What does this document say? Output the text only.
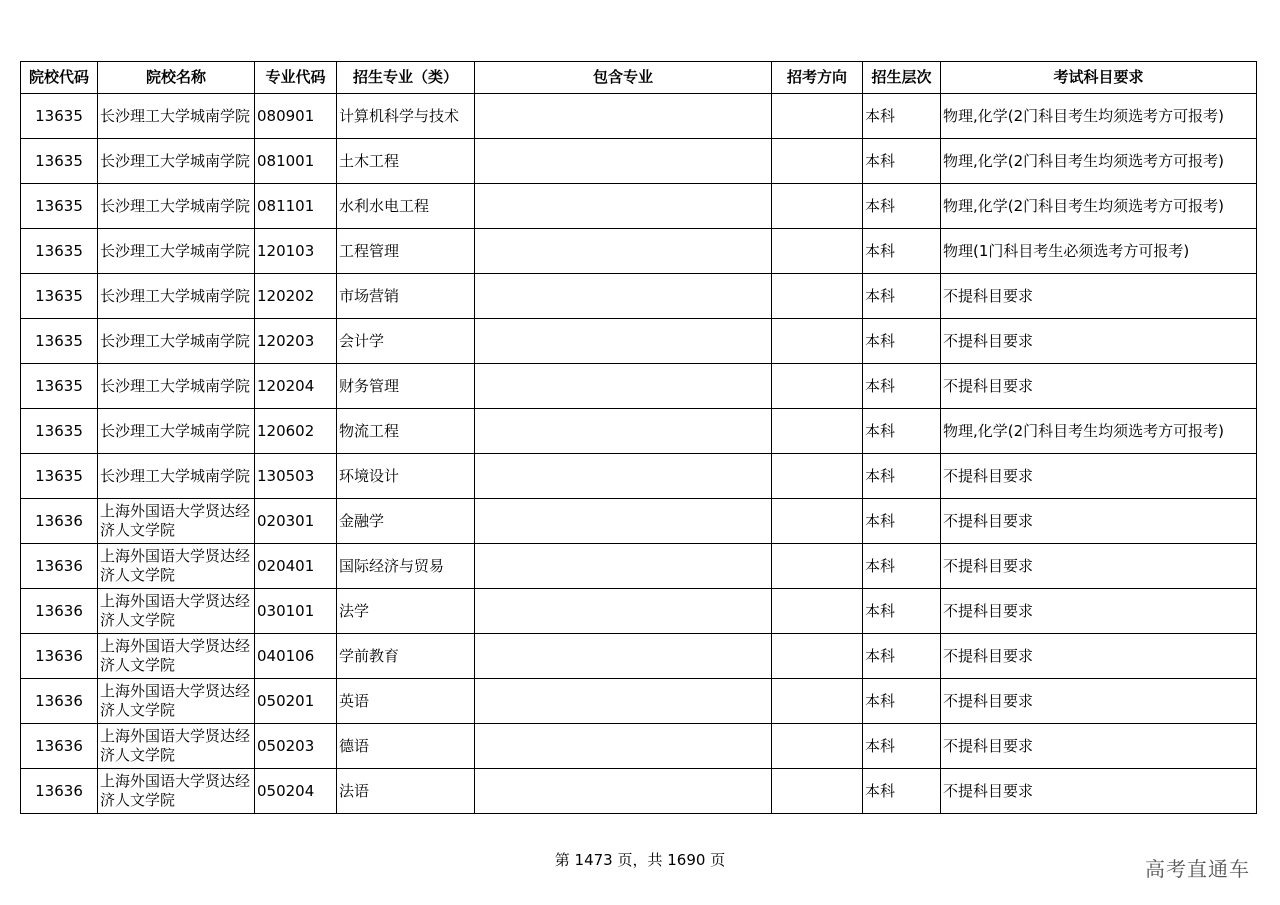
院校代码	院校名称	专业代码	招生专业（类）	包含专业	招考方向	招生层次	考试科目要求
13635	长沙理工大学城南学院	080901	计算机科学与技术			本科	物理,化学(2门科目考生均须选考方可报考)
13635	长沙理工大学城南学院	081001	土木工程			本科	物理,化学(2门科目考生均须选考方可报考)
13635	长沙理工大学城南学院	081101	水利水电工程			本科	物理,化学(2门科目考生均须选考方可报考)
13635	长沙理工大学城南学院	120103	工程管理			本科	物理(1门科目考生必须选考方可报考)
13635	长沙理工大学城南学院	120202	市场营销			本科	不提科目要求
13635	长沙理工大学城南学院	120203	会计学			本科	不提科目要求
13635	长沙理工大学城南学院	120204	财务管理			本科	不提科目要求
13635	长沙理工大学城南学院	120602	物流工程			本科	物理,化学(2门科目考生均须选考方可报考)
13635	长沙理工大学城南学院	130503	环境设计			本科	不提科目要求
13636	上海外国语大学贤达经济人文学院	020301	金融学			本科	不提科目要求
13636	上海外国语大学贤达经济人文学院	020401	国际经济与贸易			本科	不提科目要求
13636	上海外国语大学贤达经济人文学院	030101	法学			本科	不提科目要求
13636	上海外国语大学贤达经济人文学院	040106	学前教育			本科	不提科目要求
13636	上海外国语大学贤达经济人文学院	050201	英语			本科	不提科目要求
13636	上海外国语大学贤达经济人文学院	050203	德语			本科	不提科目要求
13636	上海外国语大学贤达经济人文学院	050204	法语			本科	不提科目要求
第 1473 页，共 1690 页	高考直通车
